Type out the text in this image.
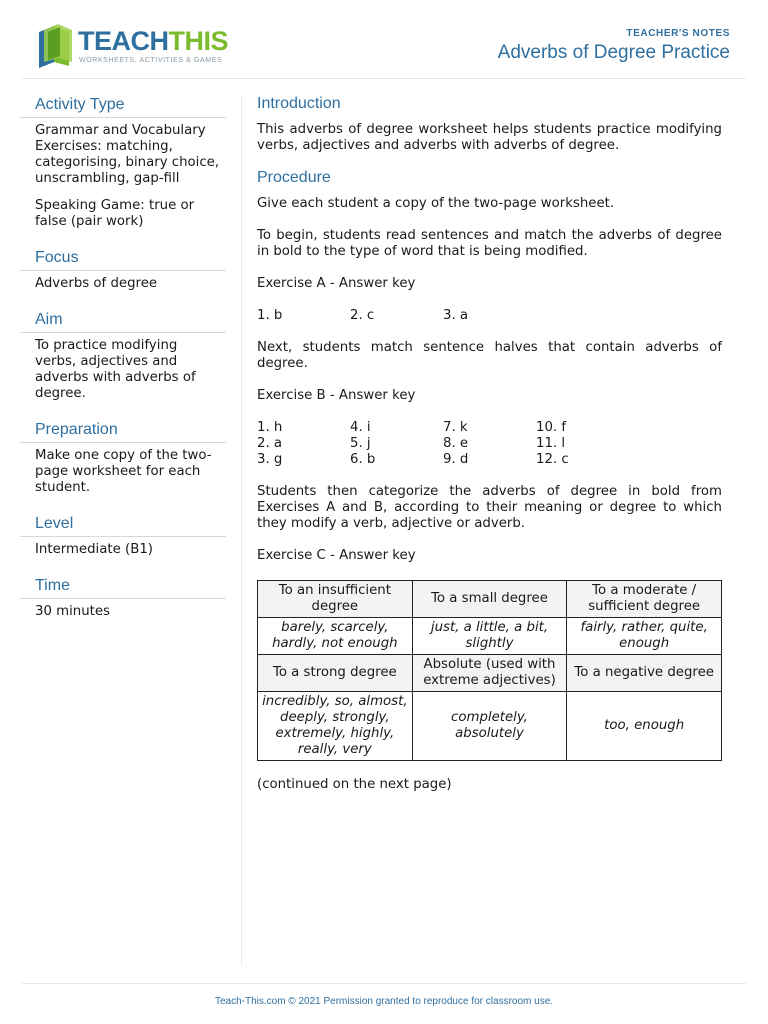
TEACHTHIS
WORKSHEETS, ACTIVITIES & GAMES
TEACHER'S NOTES
Adverbs of Degree Practice
Activity Type
Grammar and Vocabulary Exercises: matching, categorising, binary choice, unscrambling, gap-fill
Speaking Game: true or false (pair work)
Focus
Adverbs of degree
Aim
To practice modifying verbs, adjectives and adverbs with adverbs of degree.
Preparation
Make one copy of the two-page worksheet for each student.
Level
Intermediate (B1)
Time
30 minutes
Introduction

This adverbs of degree worksheet helps students practice modifying verbs, adjectives and adverbs with adverbs of degree.

Procedure

Give each student a copy of the two-page worksheet.

To begin, students read sentences and match the adverbs of degree in bold to the type of word that is being modified.

Exercise A - Answer key

1. b	2. c	3. a

Next, students match sentence halves that contain adverbs of degree.

Exercise B - Answer key

1. h	4. i	7. k	10. f
2. a	5. j	8. e	11. l
3. g	6. b	9. d	12. c

Students then categorize the adverbs of degree in bold from Exercises A and B, according to their meaning or degree to which they modify a verb, adjective or adverb.

Exercise C - Answer key

To an insufficient degree	To a small degree	To a moderate / sufficient degree
barely, scarcely, hardly, not enough	just, a little, a bit, slightly	fairly, rather, quite, enough
To a strong degree	Absolute (used with extreme adjectives)	To a negative degree
incredibly, so, almost, deeply, strongly, extremely, highly, really, very	completely, absolutely	too, enough

(continued on the next page)

Teach-This.com © 2021 Permission granted to reproduce for classroom use.
